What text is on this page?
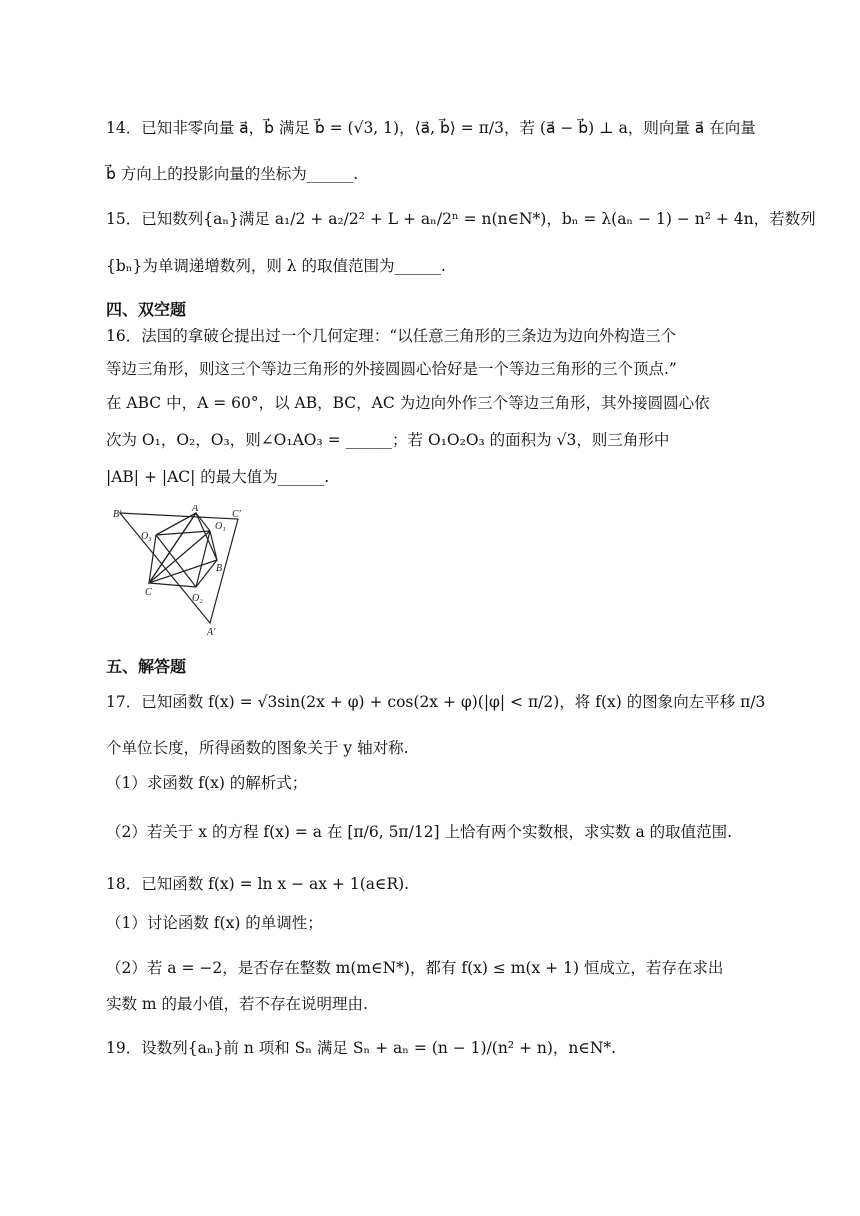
14．已知非零向量 a⃗，b⃗ 满足 b⃗ = (√3, 1)，⟨a⃗, b⃗⟩ = π/3，若 (a⃗ − b⃗) ⊥ a，则向量 a⃗ 在向量
b⃗ 方向上的投影向量的坐标为______.
15．已知数列{aₙ}满足 a₁/2 + a₂/2² + L + aₙ/2ⁿ = n(n∈N*)，bₙ = λ(aₙ − 1) − n² + 4n，若数列
{bₙ}为单调递增数列，则 λ 的取值范围为______.
四、双空题
16．法国的拿破仑提出过一个几何定理：“以任意三角形的三条边为边向外构造三个
等边三角形，则这三个等边三角形的外接圆圆心恰好是一个等边三角形的三个顶点.”
在 ABC 中，A = 60°，以 AB，BC，AC 为边向外作三个等边三角形，其外接圆圆心依
次为 O₁，O₂，O₃，则∠O₁AO₃ = ______；若 O₁O₂O₃ 的面积为 √3，则三角形中
|AB| + |AC| 的最大值为______.
B′
A
C′
O₁
O₃
B
C
O₂
A′
五、解答题
17．已知函数 f(x) = √3sin(2x + φ) + cos(2x + φ)(|φ| < π/2)，将 f(x) 的图象向左平移 π/3
个单位长度，所得函数的图象关于 y 轴对称.
（1）求函数 f(x) 的解析式；
（2）若关于 x 的方程 f(x) = a 在 [π/6, 5π/12] 上恰有两个实数根，求实数 a 的取值范围.
18．已知函数 f(x) = ln x − ax + 1(a∈R).
（1）讨论函数 f(x) 的单调性；
（2）若 a = −2，是否存在整数 m(m∈N*)，都有 f(x) ≤ m(x + 1) 恒成立，若存在求出
实数 m 的最小值，若不存在说明理由.
19．设数列{aₙ}前 n 项和 Sₙ 满足 Sₙ + aₙ = (n − 1)/(n² + n)，n∈N*.
